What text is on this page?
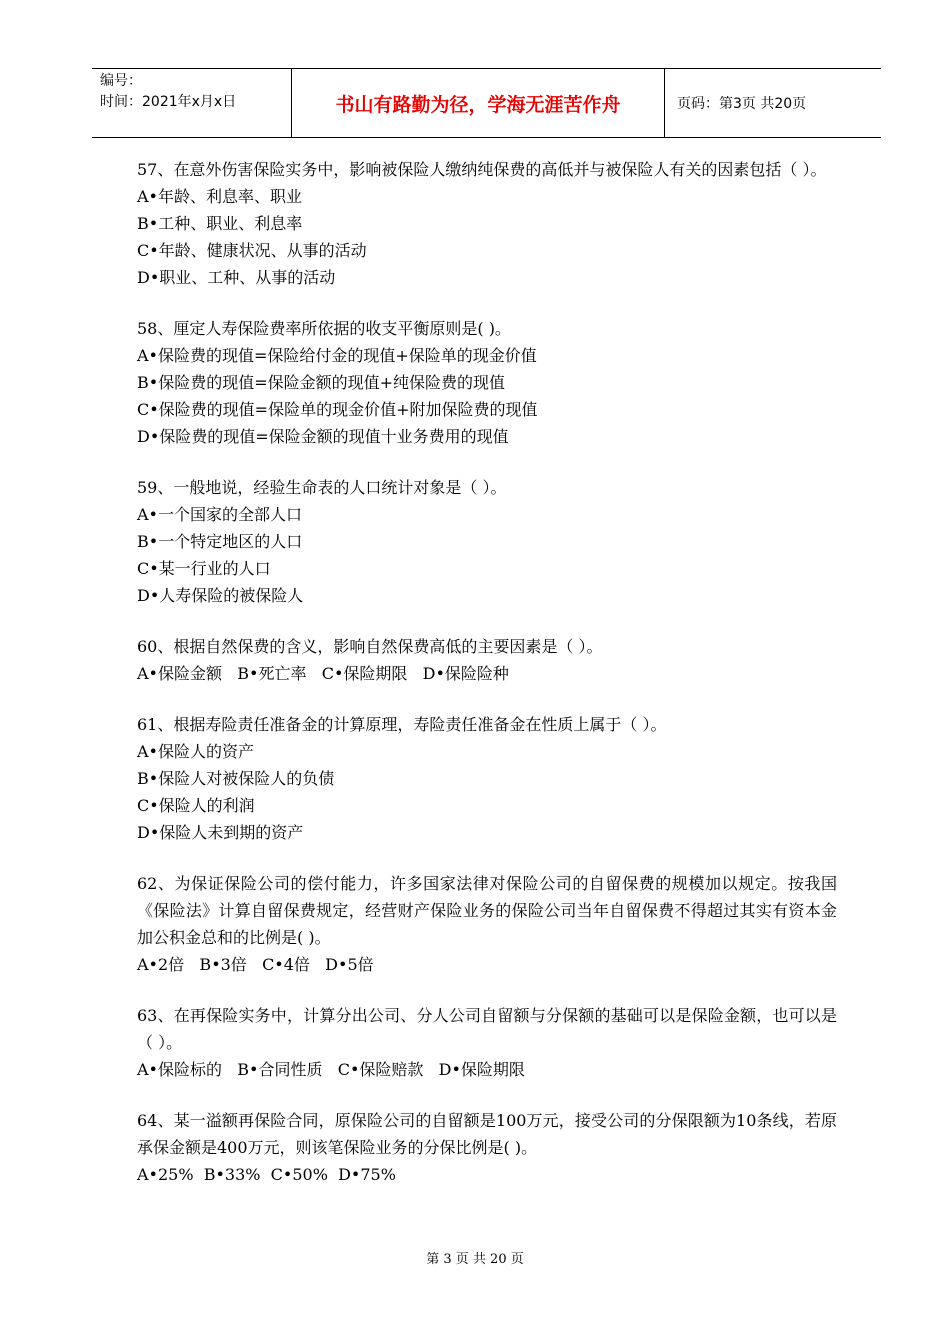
编号：
时间：2021年x月x日	书山有路勤为径，学海无涯苦作舟	页码：第3页 共20页

57、在意外伤害保险实务中，影响被保险人缴纳纯保费的高低并与被保险人有关的因素包括（ ）。

A•年龄、利息率、职业

B•工种、职业、利息率

C•年龄、健康状况、从事的活动

D•职业、工种、从事的活动

58、厘定人寿保险费率所依据的收支平衡原则是( )。

A•保险费的现值=保险给付金的现值+保险单的现金价值

B•保险费的现值=保险金额的现值+纯保险费的现值

C•保险费的现值=保险单的现金价值+附加保险费的现值

D•保险费的现值=保险金额的现值十业务费用的现值

59、一般地说，经验生命表的人口统计对象是（ ）。

A•一个国家的全部人口

B•一个特定地区的人口

C•某一行业的人口

D•人寿保险的被保险人

60、根据自然保费的含义，影响自然保费高低的主要因素是（ ）。

A•保险金额   B•死亡率   C•保险期限   D•保险险种

61、根据寿险责任准备金的计算原理，寿险责任准备金在性质上属于（ ）。

A•保险人的资产

B•保险人对被保险人的负债

C•保险人的利润

D•保险人未到期的资产

62、为保证保险公司的偿付能力，许多国家法律对保险公司的自留保费的规模加以规定。按我国《保险法》计算自留保费规定，经营财产保险业务的保险公司当年自留保费不得超过其实有资本金加公积金总和的比例是( )。

A•2倍   B•3倍   C•4倍   D•5倍

63、在再保险实务中，计算分出公司、分人公司自留额与分保额的基础可以是保险金额，也可以是（ ）。

A•保险标的   B•合同性质   C•保险赔款   D•保险期限

64、某一溢额再保险合同，原保险公司的自留额是100万元，接受公司的分保限额为10条线，若原承保金额是400万元，则该笔保险业务的分保比例是( )。

A•25%  B•33%  C•50%  D•75%

第 3 页 共 20 页
